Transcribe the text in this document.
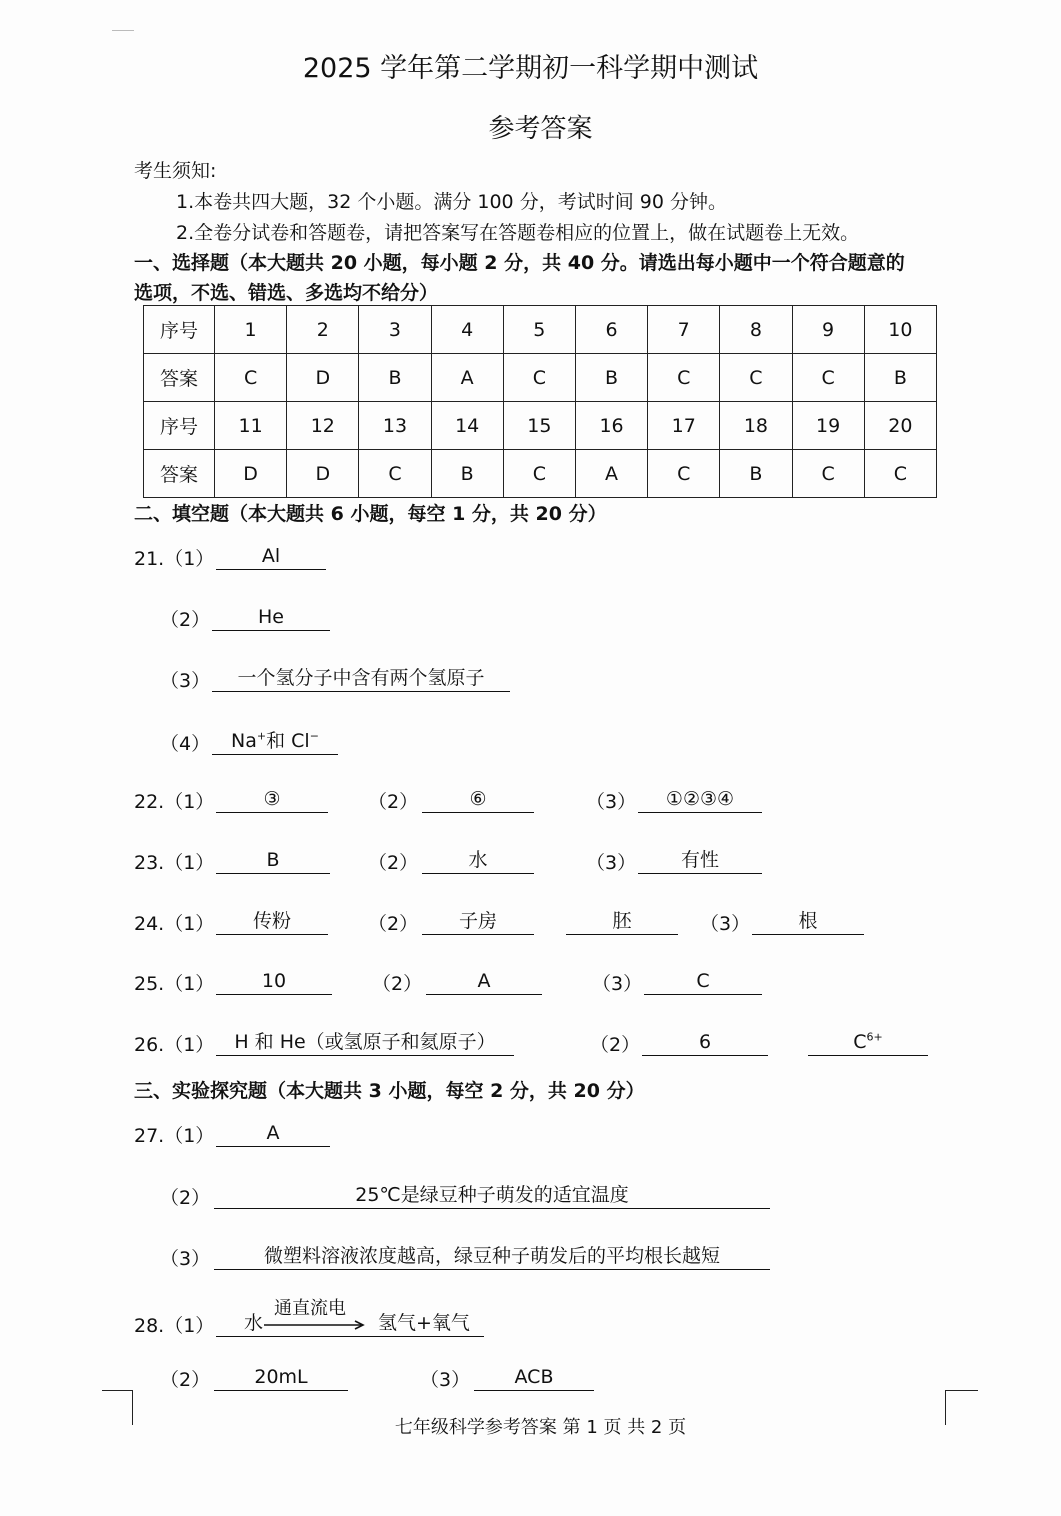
2025 学年第二学期初一科学期中测试
参考答案
考生须知:
1.本卷共四大题，32 个小题。满分 100 分，考试时间 90 分钟。
2.全卷分试卷和答题卷，请把答案写在答题卷相应的位置上，做在试题卷上无效。
一、选择题（本大题共 20 小题，每小题 2 分，共 40 分。请选出每小题中一个符合题意的
选项，不选、错选、多选均不给分）
序号	1	2	3	4	5	6	7	8	9	10
答案	C	D	B	A	C	B	C	C	C	B
序号	11	12	13	14	15	16	17	18	19	20
答案	D	D	C	B	C	A	C	B	C	C
二、填空题（本大题共 6 小题，每空 1 分，共 20 分）
21.（1）	Al
（2）	He
（3）	一个氢分子中含有两个氢原子
（4）	Na+和 Cl−
22.（1）	③	（2）	⑥	（3）	①②③④
23.（1）	B	（2）	水	（3）	有性
24.（1）	传粉	（2）	子房	胚	（3）	根
25.（1）	10	（2）	A	（3）	C
26.（1）	H 和 He（或氢原子和氦原子）	（2）	6	$C^{6+}$
三、实验探究题（本大题共 3 小题，每空 2 分，共 20 分）
27.（1）	A
（2）	25℃是绿豆种子萌发的适宜温度
（3）	微塑料溶液浓度越高，绿豆种子萌发后的平均根长越短
28.（1） 水
通直流电
氢气+氧气
（2）	20mL	（3）	ACB
七年级科学参考答案 第 1 页 共 2 页
